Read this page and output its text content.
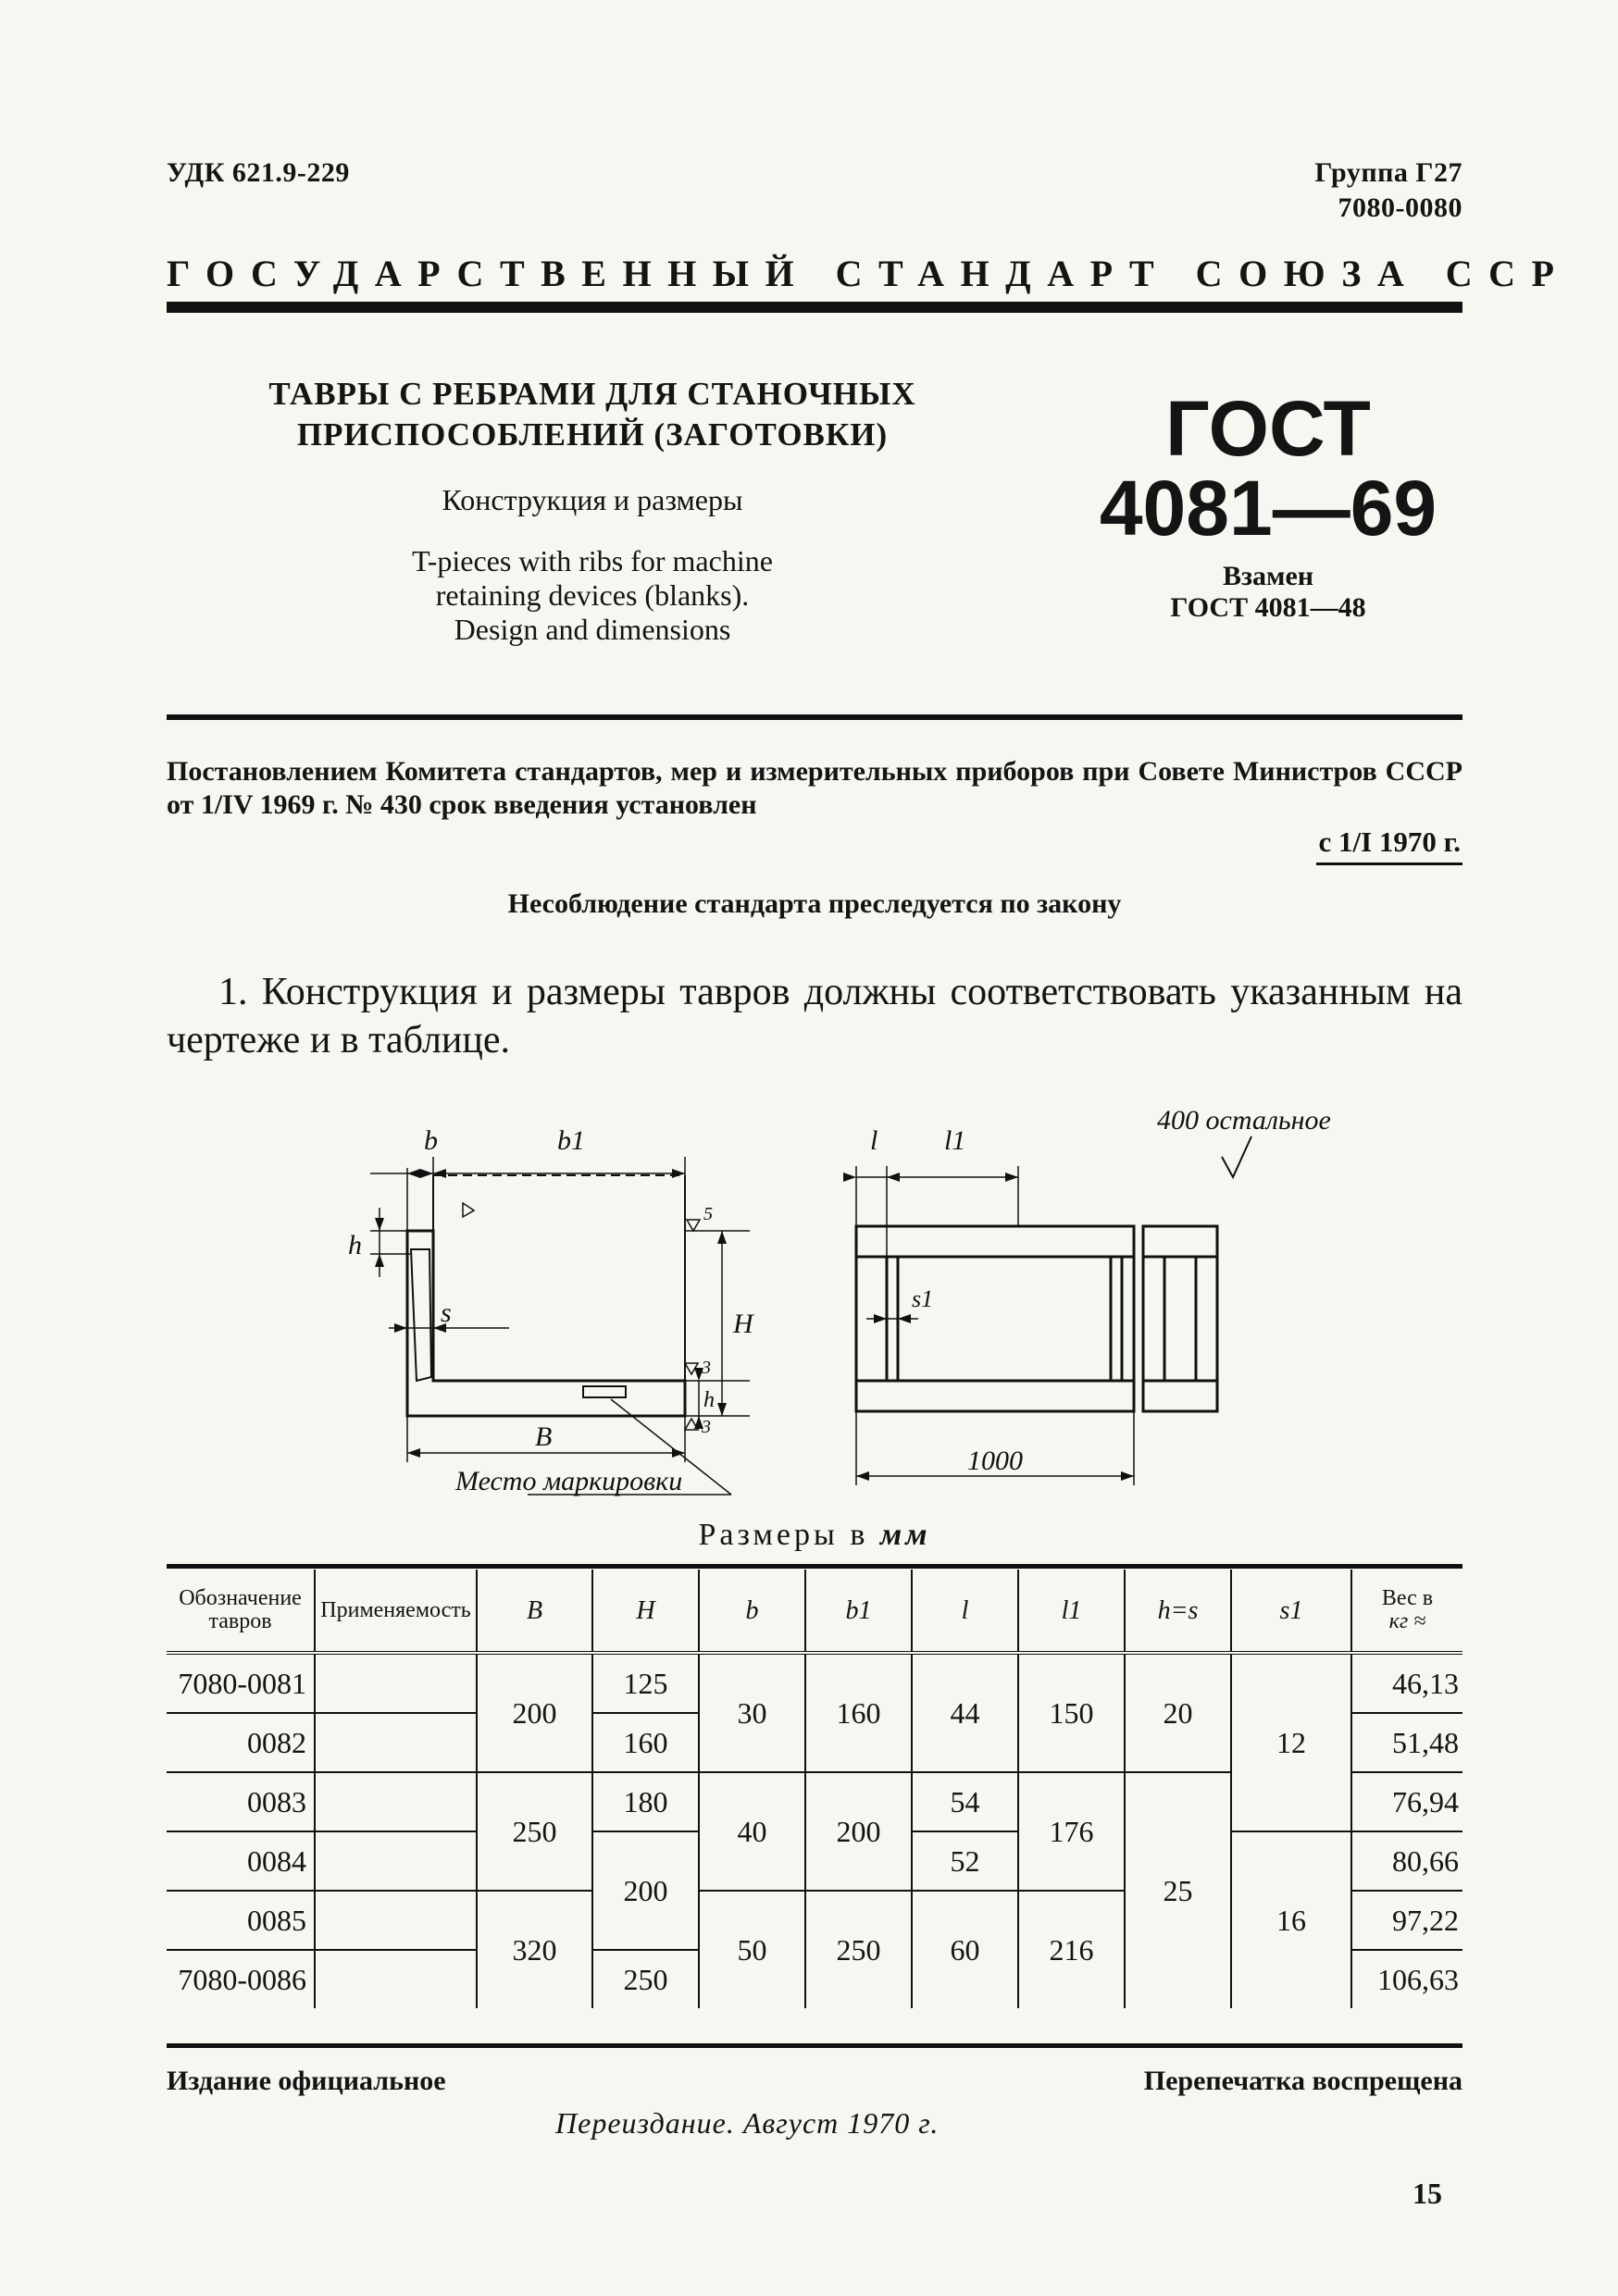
УДК 621.9-229	Группа Г27
7080-0080
ГОСУДАРСТВЕННЫЙ СТАНДАРТ СОЮЗА ССР
ТАВРЫ С РЕБРАМИ ДЛЯ СТАНОЧНЫХ
ПРИСПОСОБЛЕНИЙ (ЗАГОТОВКИ)
Конструкция и размеры
T-pieces with ribs for machine
retaining devices (blanks).
Design and dimensions
ГОСТ
4081—69
Взамен
ГОСТ 4081—48
Постановлением Комитета стандартов, мер и измерительных приборов при Совете Министров СССР от 1/IV 1969 г. № 430 срок введения установлен
с 1/I 1970 г.
Несоблюдение стандарта преследуется по закону
1. Конструкция и размеры тавров должны соответствовать указанным на чертеже и в таблице.
b	b1
h
s	H
h
B
l l1
s1
1000
Место маркировки
400 остальное
5
3
3
Размеры в мм
Обозначение тавров	Применяемость	B	H	b	b1	l	l1	h=s	s1	Вес в
кг ≈

7080-0081		200	125	30	160	44	150	20	12	46,13
0082			160							51,48
0083		250	180	40	200	54	176	25		76,94
0084			200			52			16	80,66
0085		320		50	250	60	216			97,22
7080-0086			250							106,63
Издание официальное	Перепечатка воспрещена
Переиздание. Август 1970 г.
15
